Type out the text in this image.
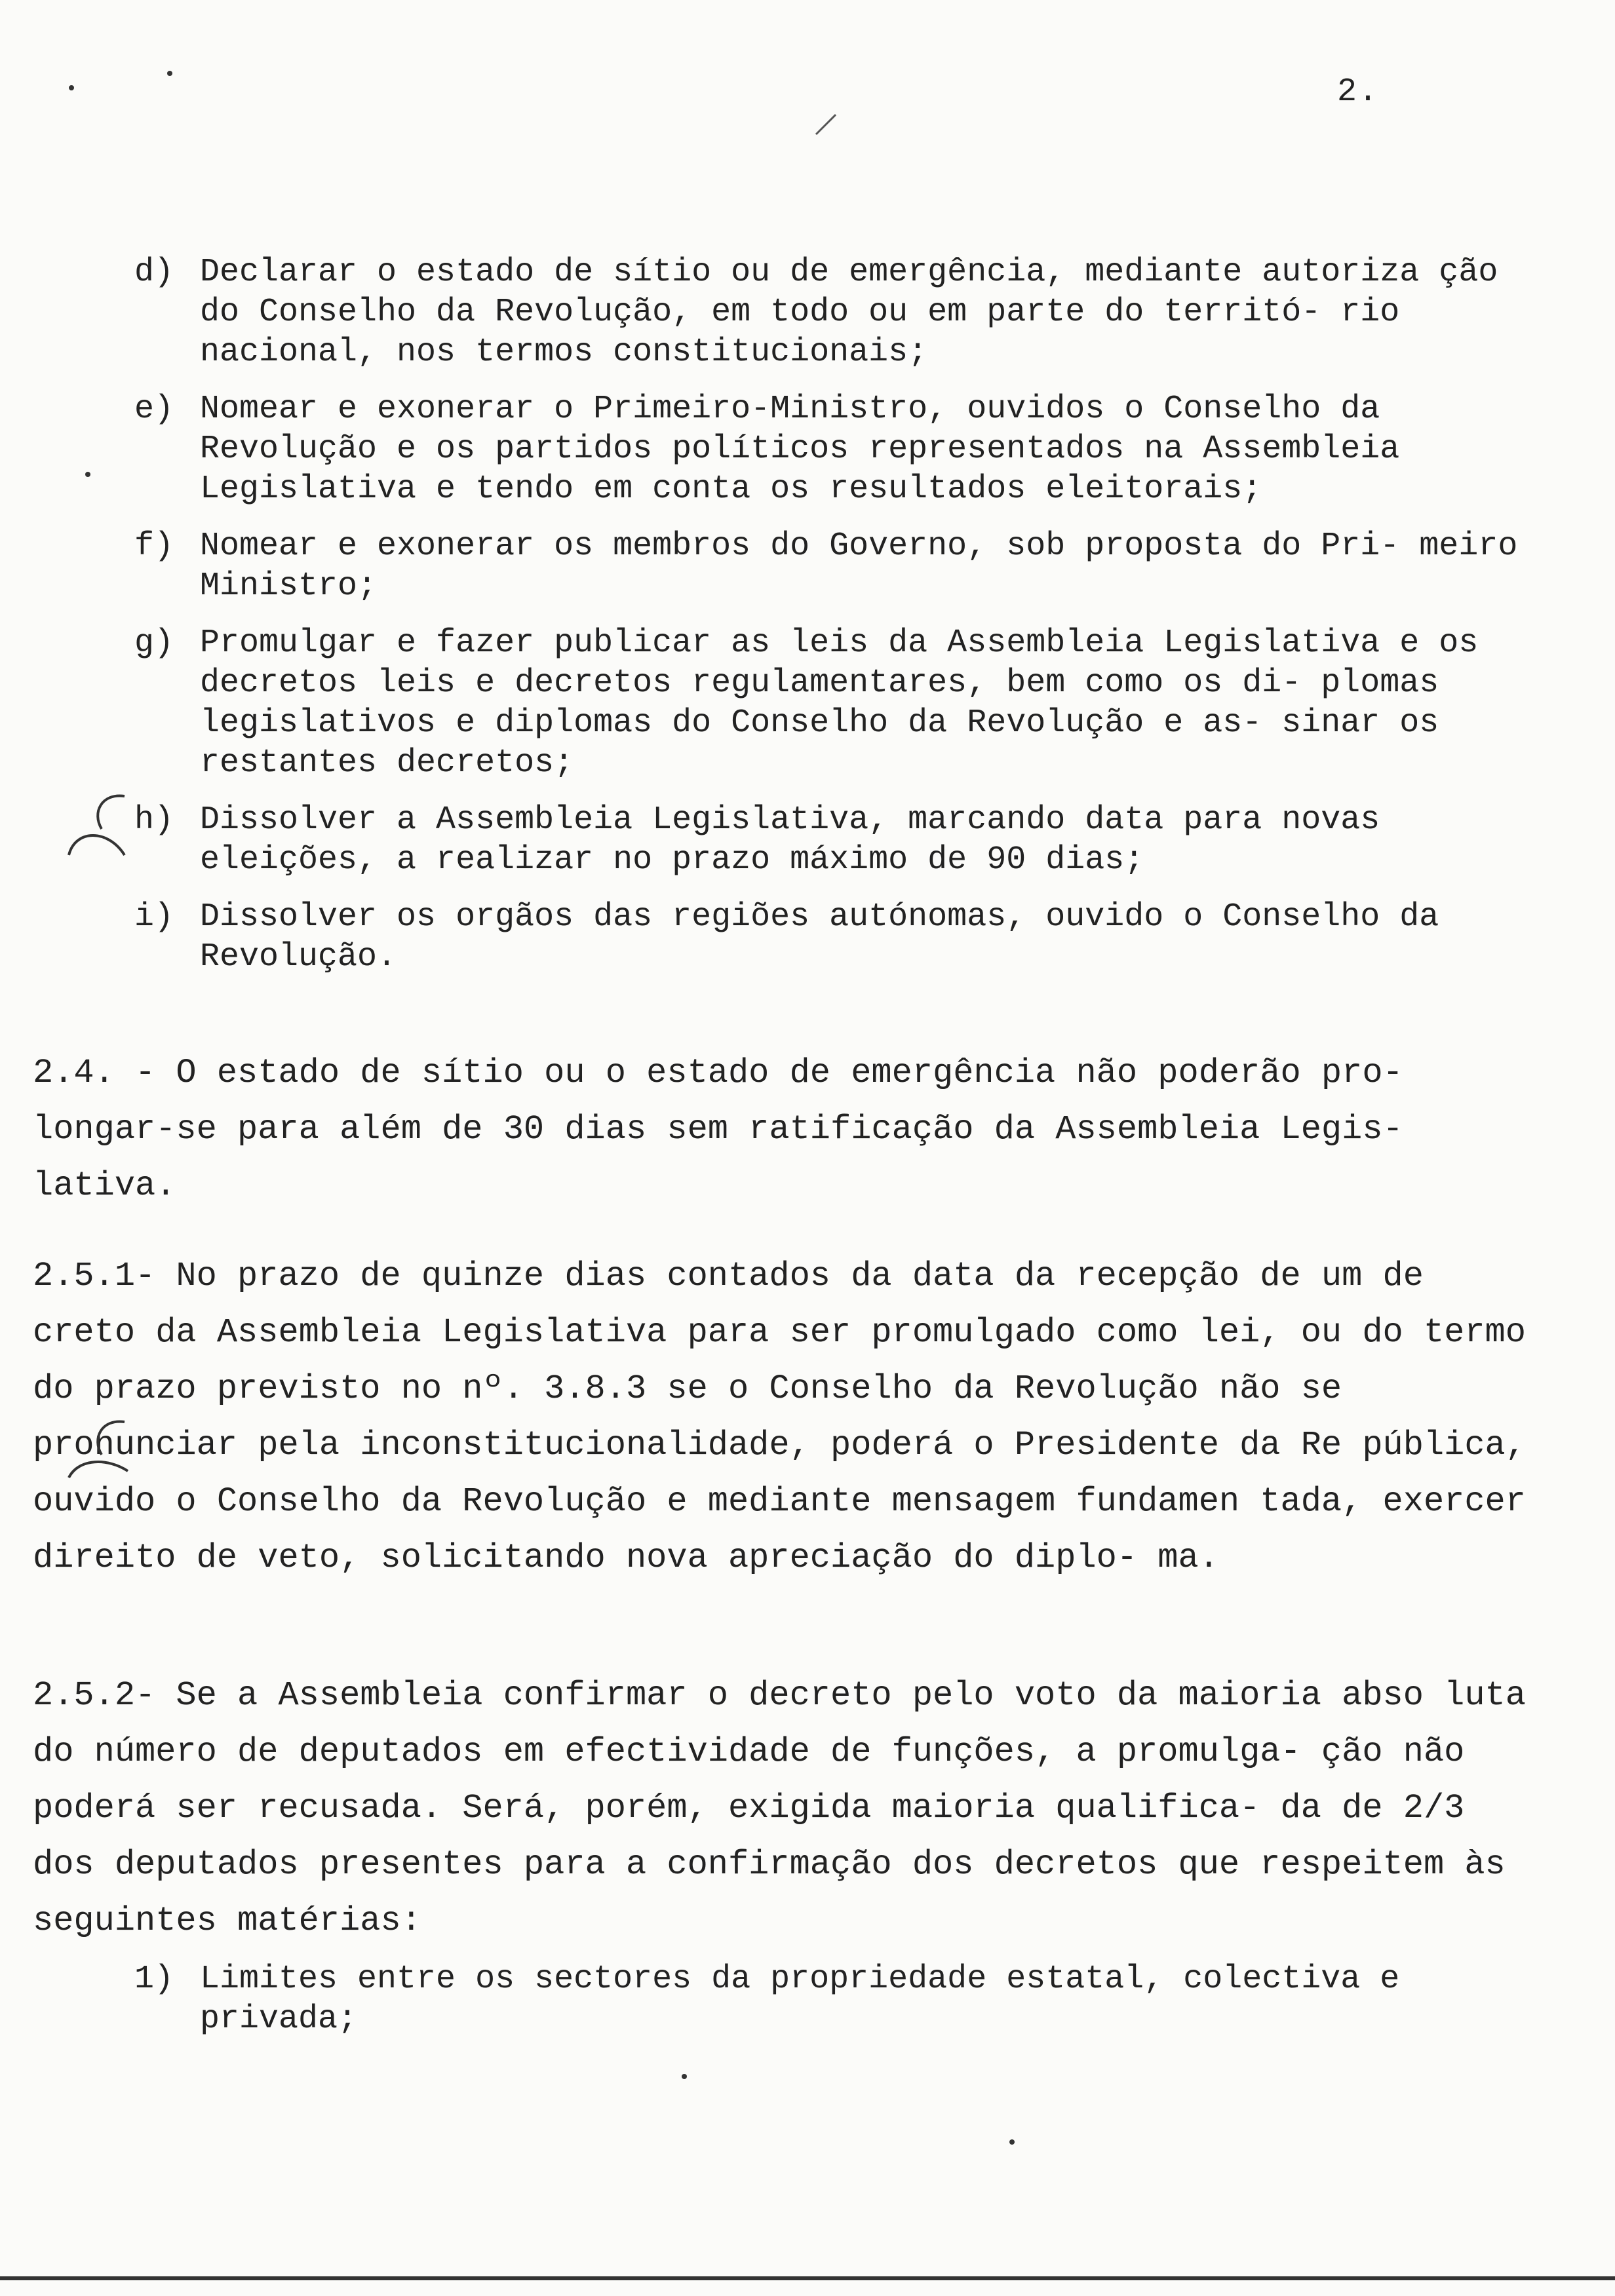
2.
d) Declarar o estado de sítio ou de emergência, mediante autoriza ção do Conselho da Revolução, em todo ou em parte do territó- rio nacional, nos termos constitucionais;
e) Nomear e exonerar o Primeiro-Ministro, ouvidos o Conselho da Revolução e os partidos políticos representados na Assembleia Legislativa e tendo em conta os resultados eleitorais;
f) Nomear e exonerar os membros do Governo, sob proposta do Pri- meiro Ministro;
g) Promulgar e fazer publicar as leis da Assembleia Legislativa e os decretos leis e decretos regulamentares, bem como os di- plomas legislativos e diplomas do Conselho da Revolução e as- sinar os restantes decretos;
h) Dissolver a Assembleia Legislativa, marcando data para novas eleições, a realizar no prazo máximo de 90 dias;
i) Dissolver os orgãos das regiões autónomas, ouvido o Conselho da Revolução.
2.4. - O estado de sítio ou o estado de emergência não poderão pro- longar-se para além de 30 dias sem ratificação da Assembleia Legis- lativa.
2.5.1- No prazo de quinze dias contados da data da recepção de um de creto da Assembleia Legislativa para ser promulgado como lei, ou do termo do prazo previsto no nº. 3.8.3 se o Conselho da Revolução não se pronunciar pela inconstitucionalidade, poderá o Presidente da Re pública, ouvido o Conselho da Revolução e mediante mensagem fundamen tada, exercer direito de veto, solicitando nova apreciação do diplo- ma.
2.5.2- Se a Assembleia confirmar o decreto pelo voto da maioria abso luta do número de deputados em efectividade de funções, a promulga- ção não poderá ser recusada. Será, porém, exigida maioria qualifica- da de 2/3 dos deputados presentes para a confirmação dos decretos que respeitem às seguintes matérias:
1) Limites entre os sectores da propriedade estatal, colectiva e privada;
